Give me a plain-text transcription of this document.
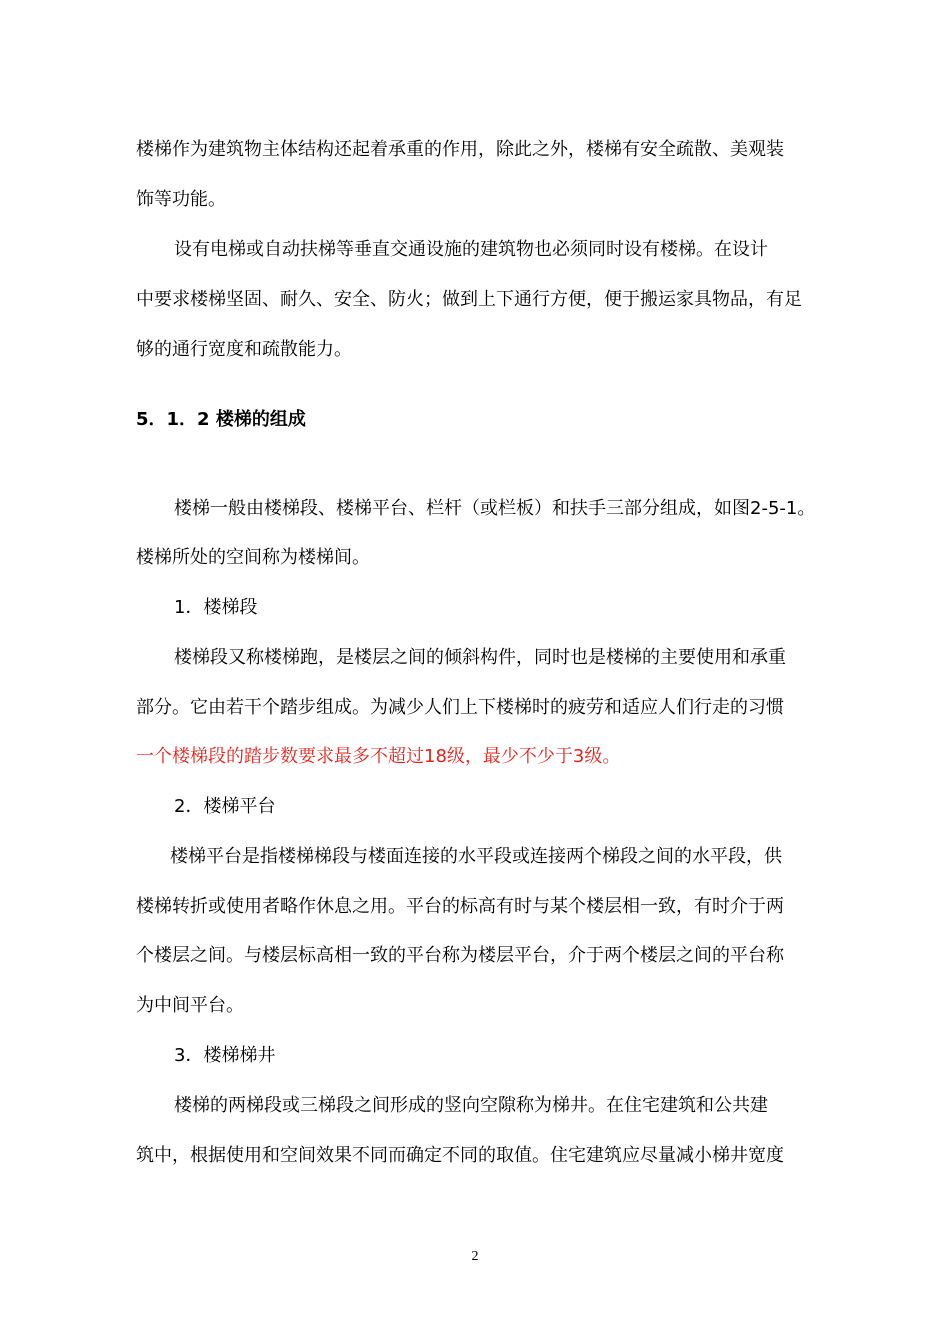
楼梯作为建筑物主体结构还起着承重的作用，除此之外，楼梯有安全疏散、美观装
饰等功能。
设有电梯或自动扶梯等垂直交通设施的建筑物也必须同时设有楼梯。在设计
中要求楼梯坚固、耐久、安全、防火；做到上下通行方便，便于搬运家具物品，有足
够的通行宽度和疏散能力。
5．1．2 楼梯的组成
楼梯一般由楼梯段、楼梯平台、栏杆（或栏板）和扶手三部分组成，如图2-5-1。
楼梯所处的空间称为楼梯间。
1．楼梯段
楼梯段又称楼梯跑，是楼层之间的倾斜构件，同时也是楼梯的主要使用和承重
部分。它由若干个踏步组成。为减少人们上下楼梯时的疲劳和适应人们行走的习惯
一个楼梯段的踏步数要求最多不超过18级，最少不少于3级。
2．楼梯平台
楼梯平台是指楼梯梯段与楼面连接的水平段或连接两个梯段之间的水平段，供
楼梯转折或使用者略作休息之用。平台的标高有时与某个楼层相一致，有时介于两
个楼层之间。与楼层标高相一致的平台称为楼层平台，介于两个楼层之间的平台称
为中间平台。
3．楼梯梯井
楼梯的两梯段或三梯段之间形成的竖向空隙称为梯井。在住宅建筑和公共建
筑中，根据使用和空间效果不同而确定不同的取值。住宅建筑应尽量减小梯井宽度
2
